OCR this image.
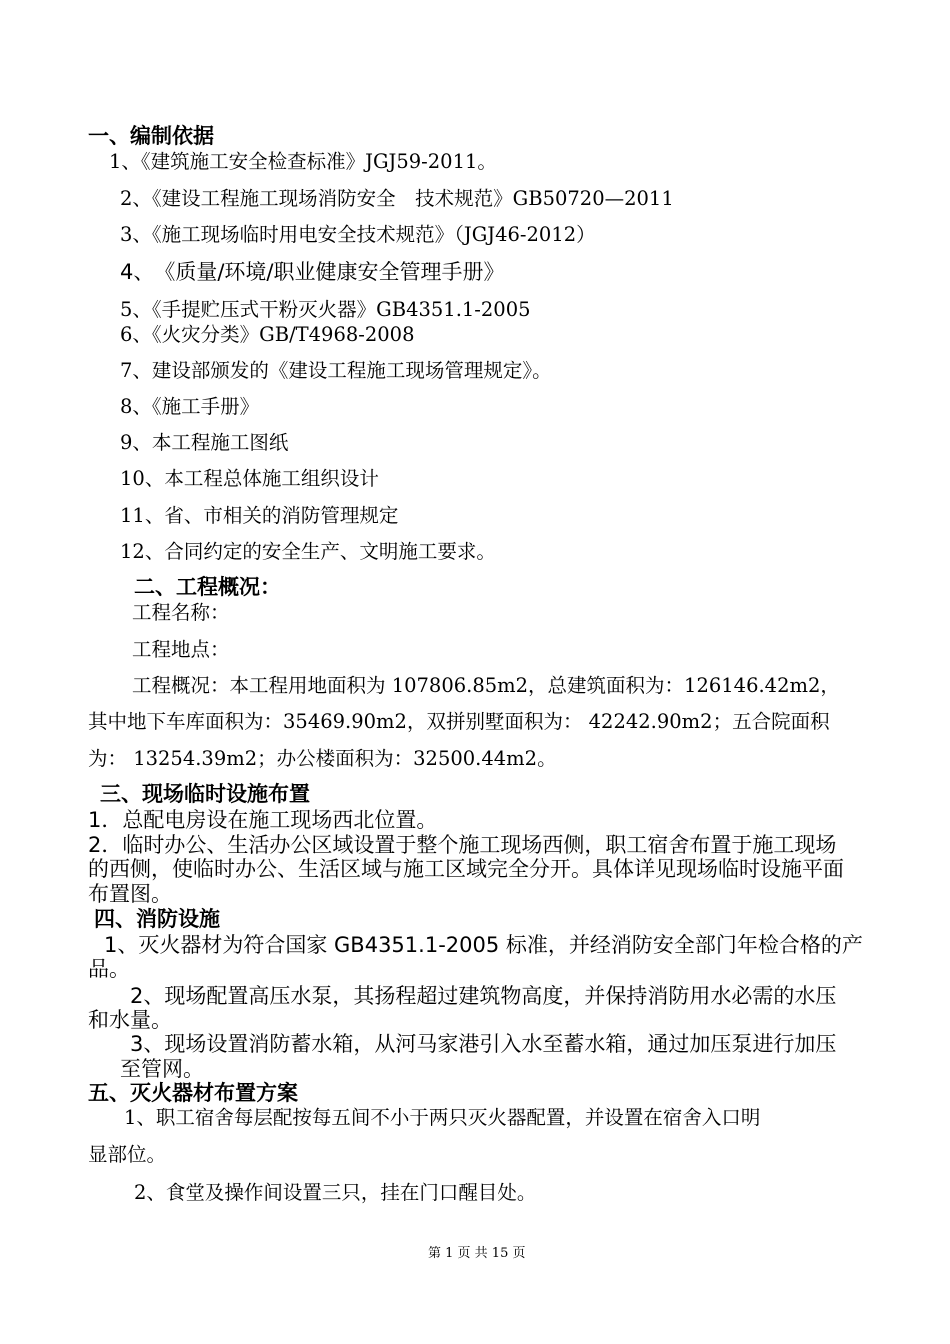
一、编制依据
1、《建筑施工安全检查标准》JGJ59-2011。
2、《建设工程施工现场消防安全　技术规范》GB50720—2011
3、《施工现场临时用电安全技术规范》（JGJ46-2012）
4、　《质量/环境/职业健康安全管理手册》
5、《手提贮压式干粉灭火器》GB4351.1-2005
6、《火灾分类》GB/T4968-2008
7、建设部颁发的《建设工程施工现场管理规定》。
8、《施工手册》
9、本工程施工图纸
10、本工程总体施工组织设计
11、省、市相关的消防管理规定
12、合同约定的安全生产、文明施工要求。
二、工程概况：
工程名称：
工程地点：
工程概况：本工程用地面积为 107806.85m2，总建筑面积为：126146.42m2，
其中地下车库面积为：35469.90m2，双拼别墅面积为： 42242.90m2；五合院面积
为： 13254.39m2；办公楼面积为：32500.44m2。
三、现场临时设施布置
1．总配电房设在施工现场西北位置。
2．临时办公、生活办公区域设置于整个施工现场西侧，职工宿舍布置于施工现场
的西侧，使临时办公、生活区域与施工区域完全分开。具体详见现场临时设施平面
布置图。
四、消防设施
1、灭火器材为符合国家 GB4351.1-2005 标准，并经消防安全部门年检合格的产
品。
2、现场配置高压水泵，其扬程超过建筑物高度，并保持消防用水必需的水压
和水量。
3、现场设置消防蓄水箱，从河马家港引入水至蓄水箱，通过加压泵进行加压
至管网。
五、灭火器材布置方案
1、职工宿舍每层配按每五间不小于两只灭火器配置，并设置在宿舍入口明
显部位。
2、食堂及操作间设置三只，挂在门口醒目处。
第 1 页 共 15 页
